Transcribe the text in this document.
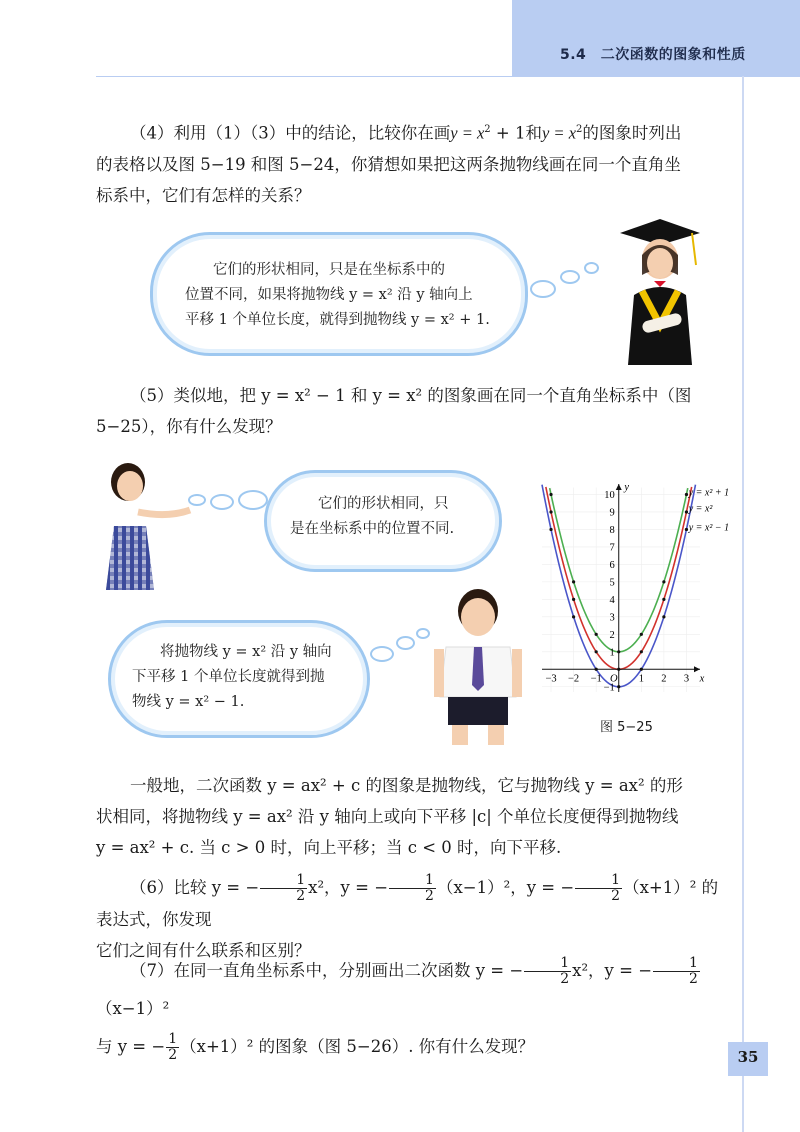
5.4　二次函数的图象和性质
（4）利用（1）（3）中的结论，比较你在画$y = x^2 + 1$和$y = x^2$的图象时列出
的表格以及图 5−19 和图 5−24，你猜想如果把这两条抛物线画在同一个直角坐
标系中，它们有怎样的关系？
它们的形状相同，只是在坐标系中的
位置不同，如果将抛物线 y = x² 沿 y 轴向上
平移 1 个单位长度，就得到抛物线 y = x² + 1.
（5）类似地，把 y = x² − 1 和 y = x² 的图象画在同一个直角坐标系中（图
5−25），你有什么发现？
它们的形状相同，只
是在坐标系中的位置不同.
将抛物线 y = x² 沿 y 轴向
下平移 1 个单位长度就得到抛
物线 y = x² − 1.
−3 −2 −1 O 1 2 3
10
9
8
7
6
5
4
3
2
1
−1
x
y
y = x² + 1
y = x²
y = x² − 1
图 5−25
一般地，二次函数 y = ax² + c 的图象是抛物线，它与抛物线 y = ax² 的形
状相同，将抛物线 y = ax² 沿 y 轴向上或向下平移 |c| 个单位长度便得到抛物线
y = ax² + c. 当 c > 0 时，向上平移；当 c < 0 时，向下平移.
（6）比较 y = − $\frac{1}{2} x^2$，y = − $\frac{1}{2} (x-1)^2$，y = − $\frac{1}{2} (x+1)^2$ 的表达式，你发现
它们之间有什么联系和区别？
（7）在同一直角坐标系中，分别画出二次函数 y = − $\frac{1}{2} x^2$，y = − $\frac{1}{2}$
（x−1）²
与 y = − $\frac{1}{2} (x+1)^2$ 的图象（图 5−26）. 你有什么发现？
35
